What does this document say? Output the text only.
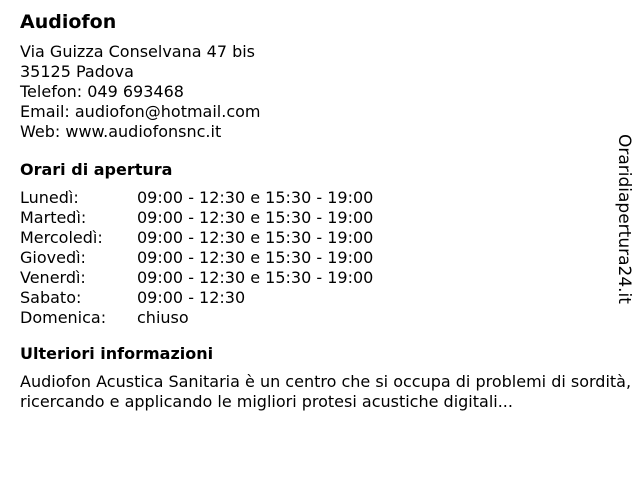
Audiofon
Via Guizza Conselvana 47 bis
35125 Padova
Telefon: 049 693468
Email: audiofon@hotmail.com
Web: www.audiofonsnc.it
Orari di apertura
Lunedì:	09:00 - 12:30 e 15:30 - 19:00
Martedì:	09:00 - 12:30 e 15:30 - 19:00
Mercoledì:	09:00 - 12:30 e 15:30 - 19:00
Giovedì:	09:00 - 12:30 e 15:30 - 19:00
Venerdì:	09:00 - 12:30 e 15:30 - 19:00
Sabato:	09:00 - 12:30
Domenica:	chiuso
Ulteriori informazioni
Audiofon Acustica Sanitaria è un centro che si occupa di problemi di sordità, ricercando e applicando le migliori protesi acustiche digitali...
Oraridiapertura24.it
